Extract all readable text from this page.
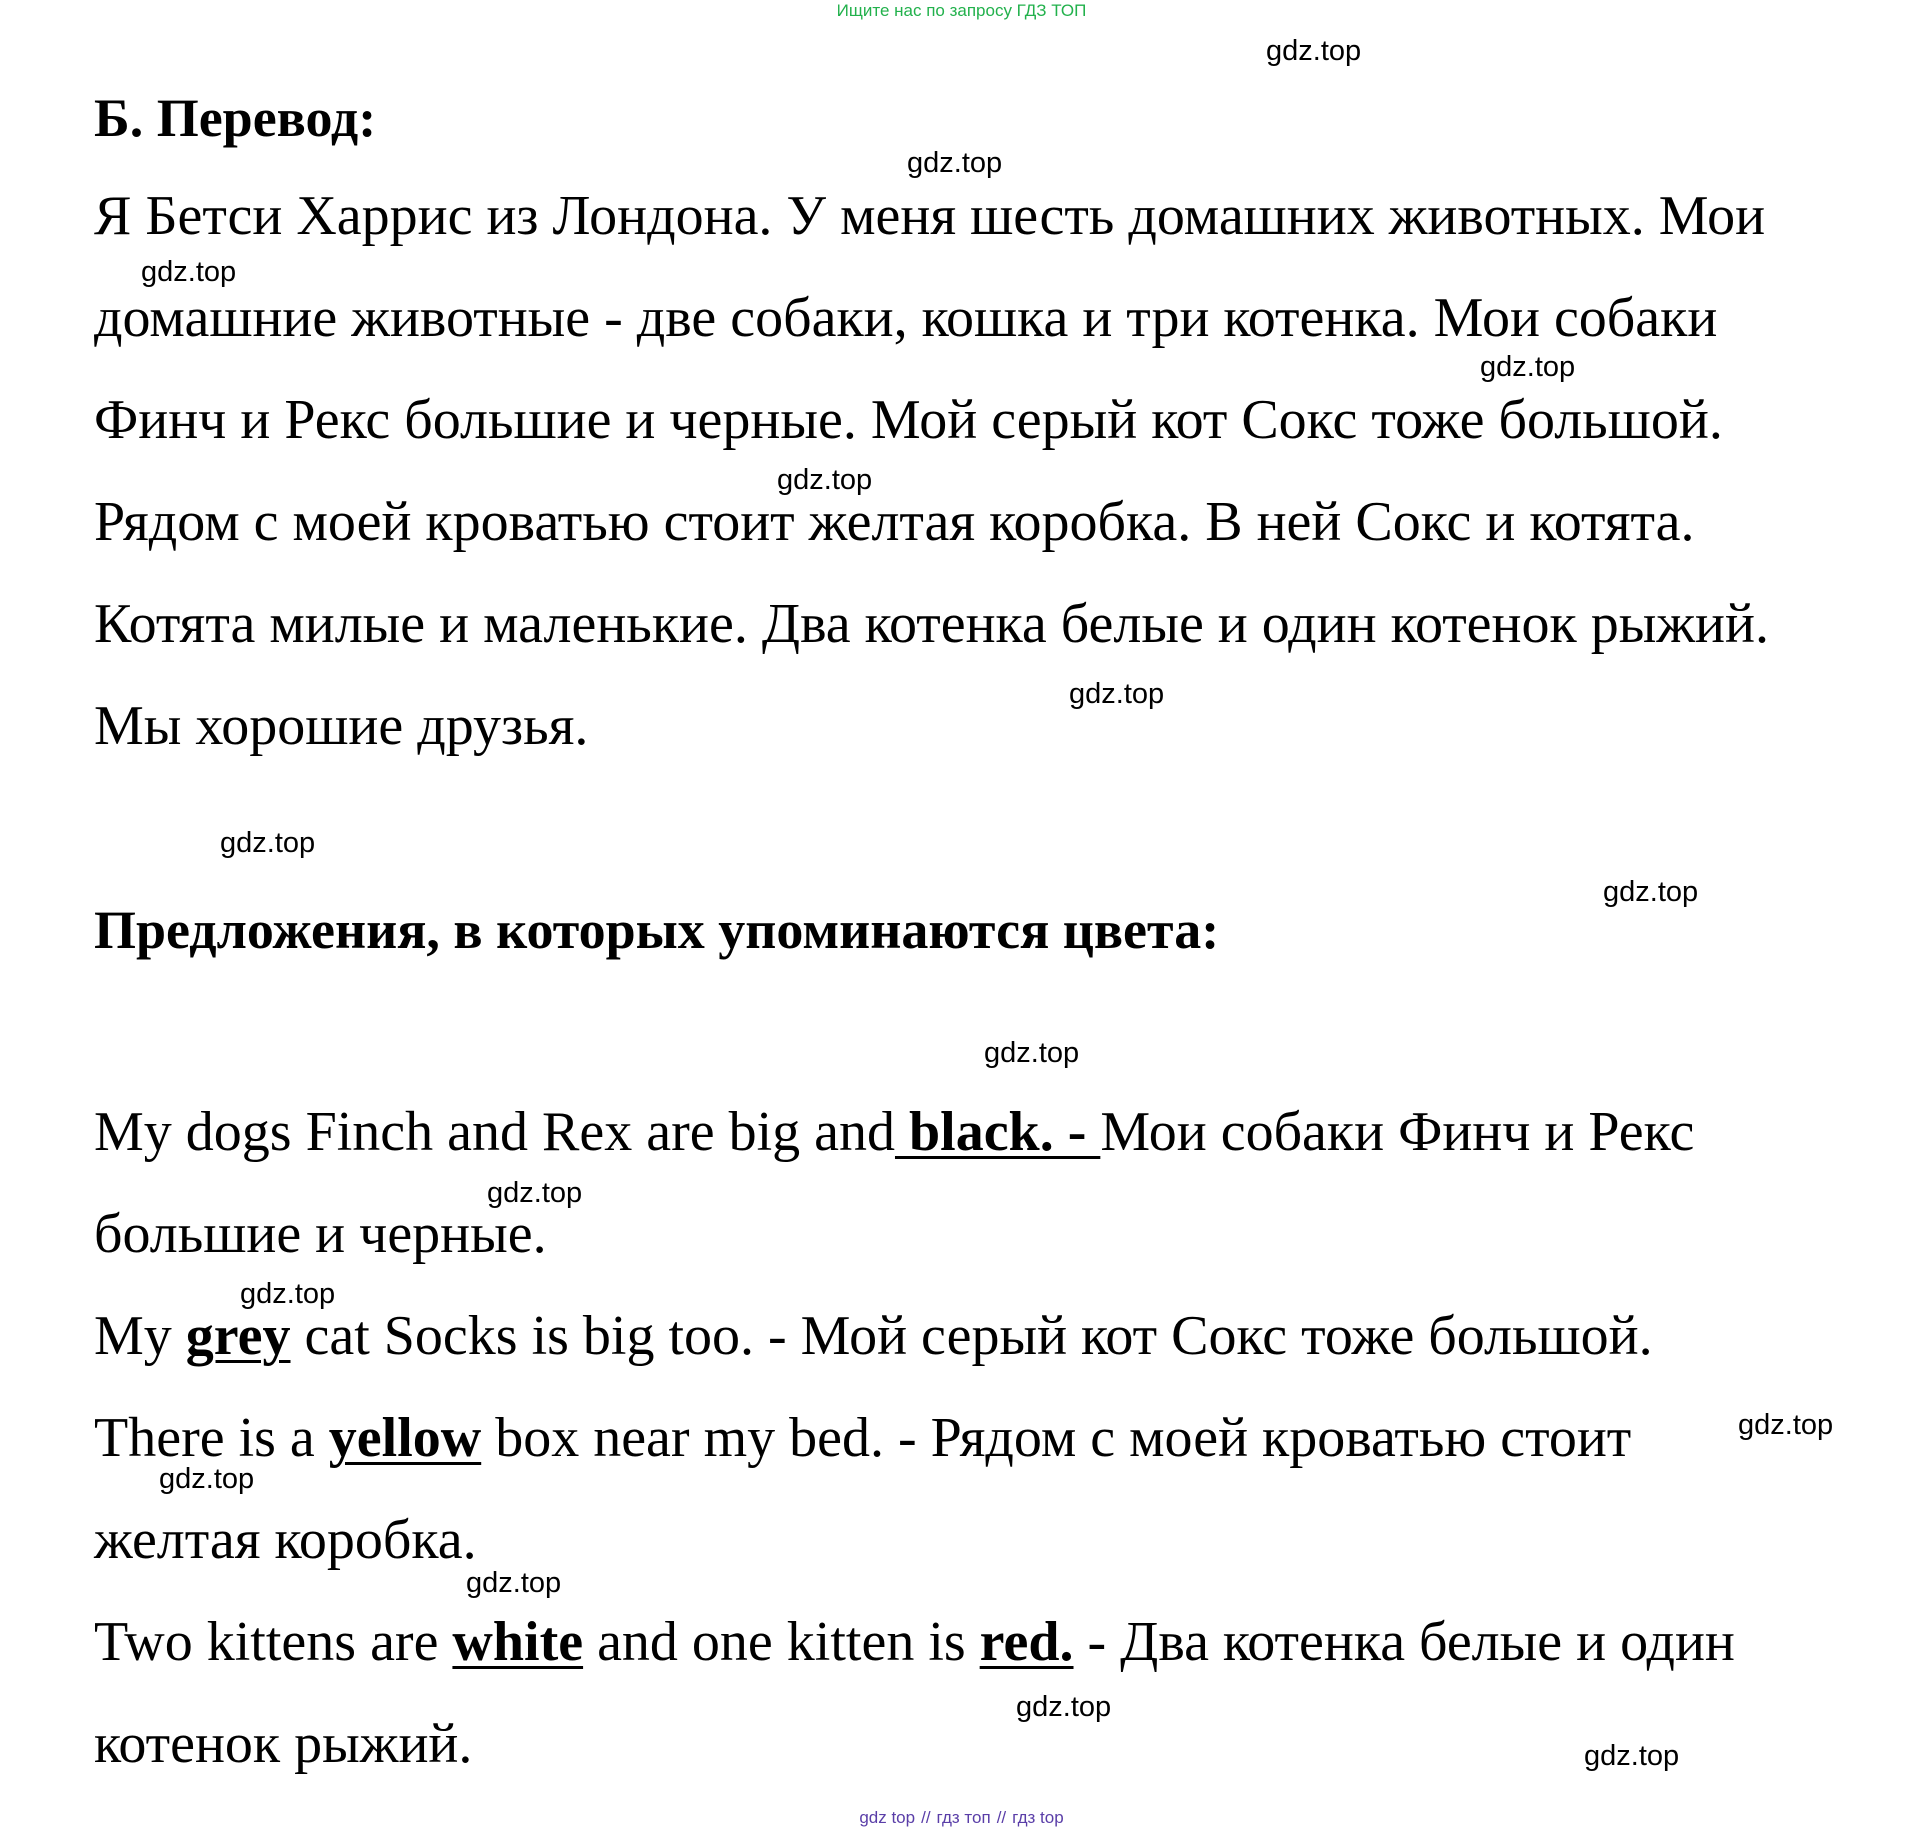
Ищите нас по запросу ГДЗ ТОП
Б. Перевод:

Я Бетси Харрис из Лондона. У меня шесть домашних животных. Мои

домашние животные - две собаки, кошка и три котенка. Мои собаки

Финч и Рекс большие и черные. Мой серый кот Сокс тоже большой.

Рядом с моей кроватью стоит желтая коробка. В ней Сокс и котята.

Котята милые и маленькие. Два котенка белые и один котенок рыжий.

Мы хорошие друзья.

Предложения, в которых упоминаются цвета:

My dogs Finch and Rex are big and black. - Мои собаки Финч и Рекс

большие и черные.

My grey cat Socks is big too. - Мой серый кот Сокс тоже большой.

There is a yellow box near my bed. - Рядом с моей кроватью стоит

желтая коробка.

Two kittens are white and one kitten is red. - Два котенка белые и один

котенок рыжий.

gdz.top
gdz.top
gdz.top
gdz.top
gdz.top
gdz.top
gdz.top
gdz.top
gdz.top
gdz.top
gdz.top
gdz.top
gdz.top
gdz.top
gdz.top
gdz.top
gdz top // гдз топ // гдз top
